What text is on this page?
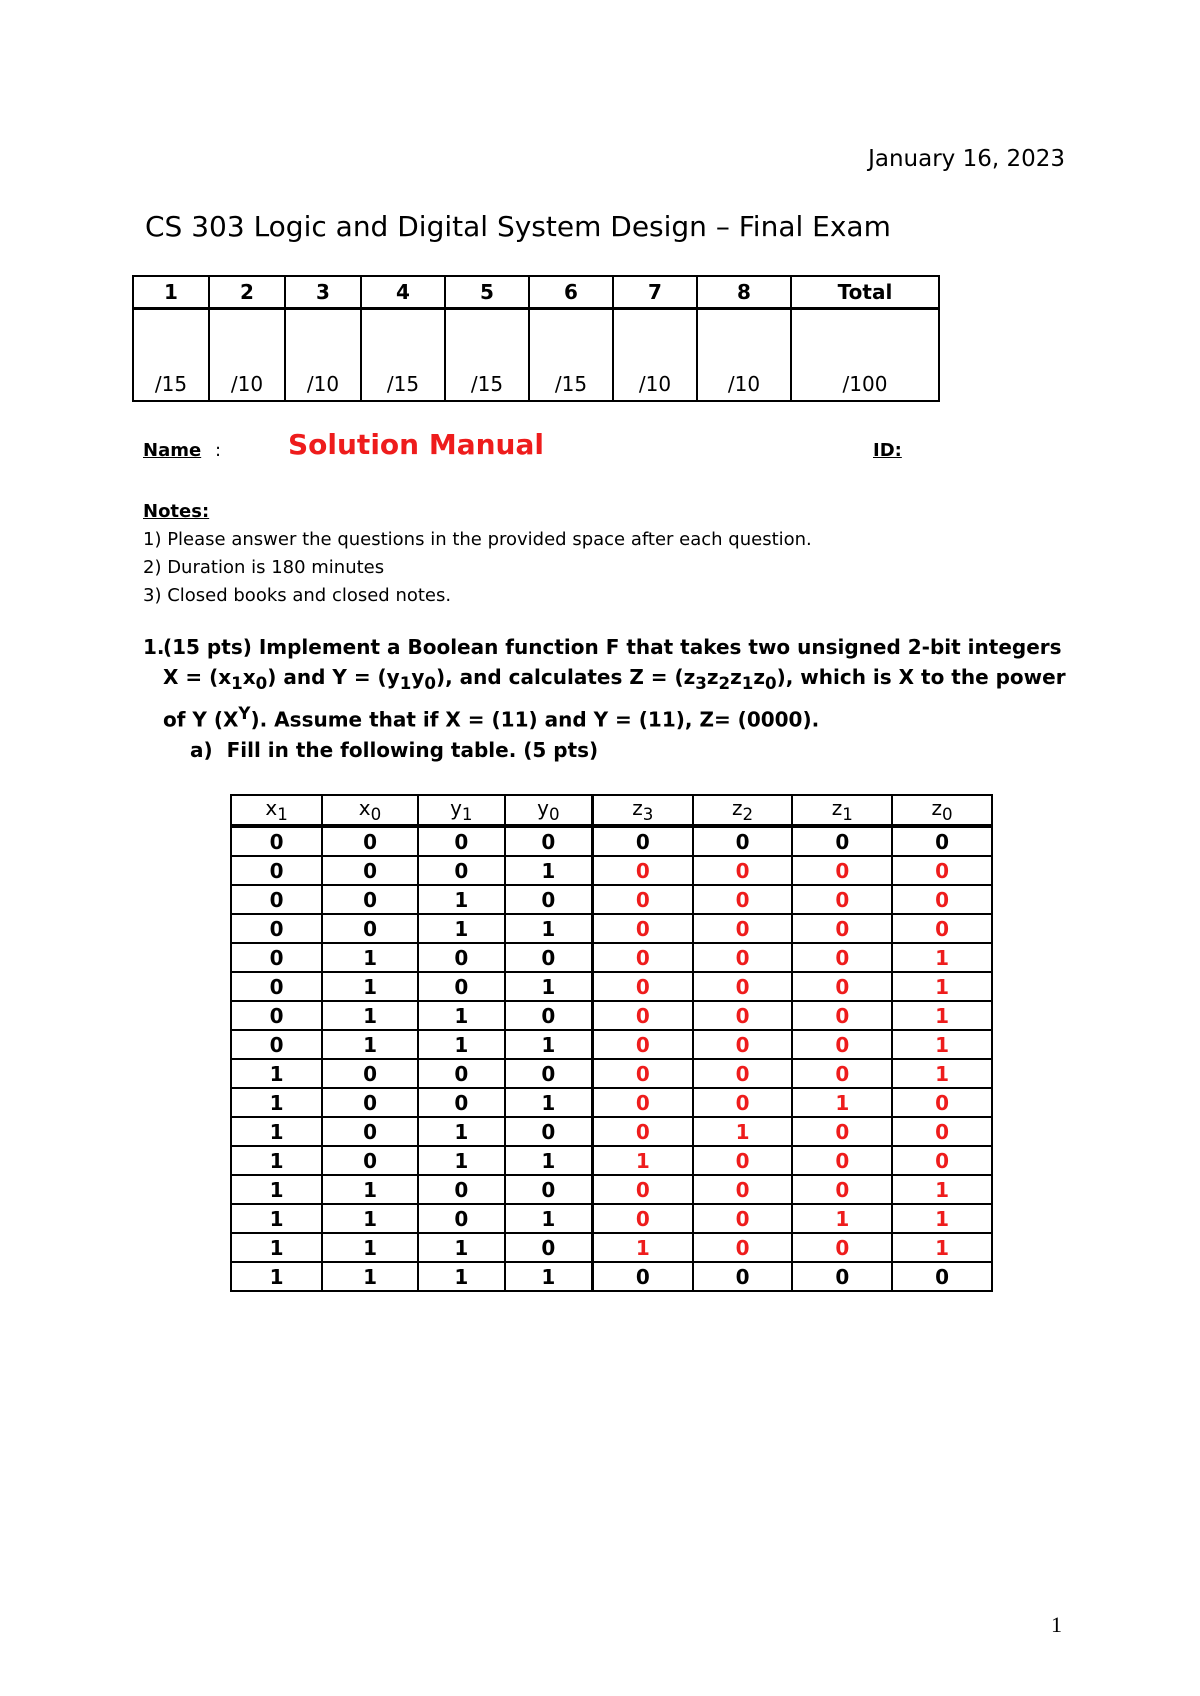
January 16, 2023
CS 303 Logic and Digital System Design – Final Exam
1	2	3	4	5	6	7	8	Total
/15	/10	/10	/15	/15	/15	/10	/10	/100
Name : Solution Manual	ID:
Notes:
1) Please answer the questions in the provided space after each question.
2) Duration is 180 minutes
3) Closed books and closed notes.
1.
(15 pts) Implement a Boolean function F that takes two unsigned 2-bit integers $X = (x_1x_0)$ and $Y = (y_1y_0)$, and calculates $Z = (z_3z_2z_1z_0)$, which is X to the power of Y $(X^Y)$. Assume that if X = (11) and Y = (11), Z= (0000).
a) Fill in the following table. (5 pts)
$x_1$	$x_0$	$y_1$	$y_0$	$z_3$	$z_2$	$z_1$	$z_0$
0	0	0	0	0	0	0	0
0	0	0	1	0	0	0	0
0	0	1	0	0	0	0	0
0	0	1	1	0	0	0	0
0	1	0	0	0	0	0	1
0	1	0	1	0	0	0	1
0	1	1	0	0	0	0	1
0	1	1	1	0	0	0	1
1	0	0	0	0	0	0	1
1	0	0	1	0	0	1	0
1	0	1	0	0	1	0	0
1	0	1	1	1	0	0	0
1	1	0	0	0	0	0	1
1	1	0	1	0	0	1	1
1	1	1	0	1	0	0	1
1	1	1	1	0	0	0	0
1
